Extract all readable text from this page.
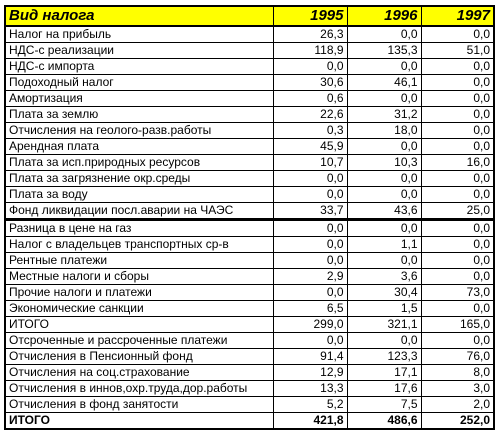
Вид налога	1995	1996	1997
Налог на прибыль	26,3	0,0	0,0
НДС-с реализации	118,9	135,3	51,0
НДС-с импорта	0,0	0,0	0,0
Подоходный налог	30,6	46,1	0,0
Амортизация	0,6	0,0	0,0
Плата за землю	22,6	31,2	0,0
Отчисления на геолого-разв.работы	0,3	18,0	0,0
Арендная плата	45,9	0,0	0,0
Плата за исп.природных ресурсов	10,7	10,3	16,0
Плата за загрязнение окр.среды	0,0	0,0	0,0
Плата за воду	0,0	0,0	0,0
Фонд ликвидации посл.аварии на ЧАЭС	33,7	43,6	25,0
Разница в цене на газ	0,0	0,0	0,0
Налог с владельцев транспортных ср-в	0,0	1,1	0,0
Рентные платежи	0,0	0,0	0,0
Местные налоги и сборы	2,9	3,6	0,0
Прочие налоги и платежи	0,0	30,4	73,0
Экономические санкции	6,5	1,5	0,0
ИТОГО	299,0	321,1	165,0
Отсроченные и рассроченные платежи	0,0	0,0	0,0
Отчисления в Пенсионный фонд	91,4	123,3	76,0
Отчисления на соц.страхование	12,9	17,1	8,0
Отчисления в иннов,охр.труда,дор.работы	13,3	17,6	3,0
Отчисления в фонд занятости	5,2	7,5	2,0
ИТОГО	421,8	486,6	252,0
